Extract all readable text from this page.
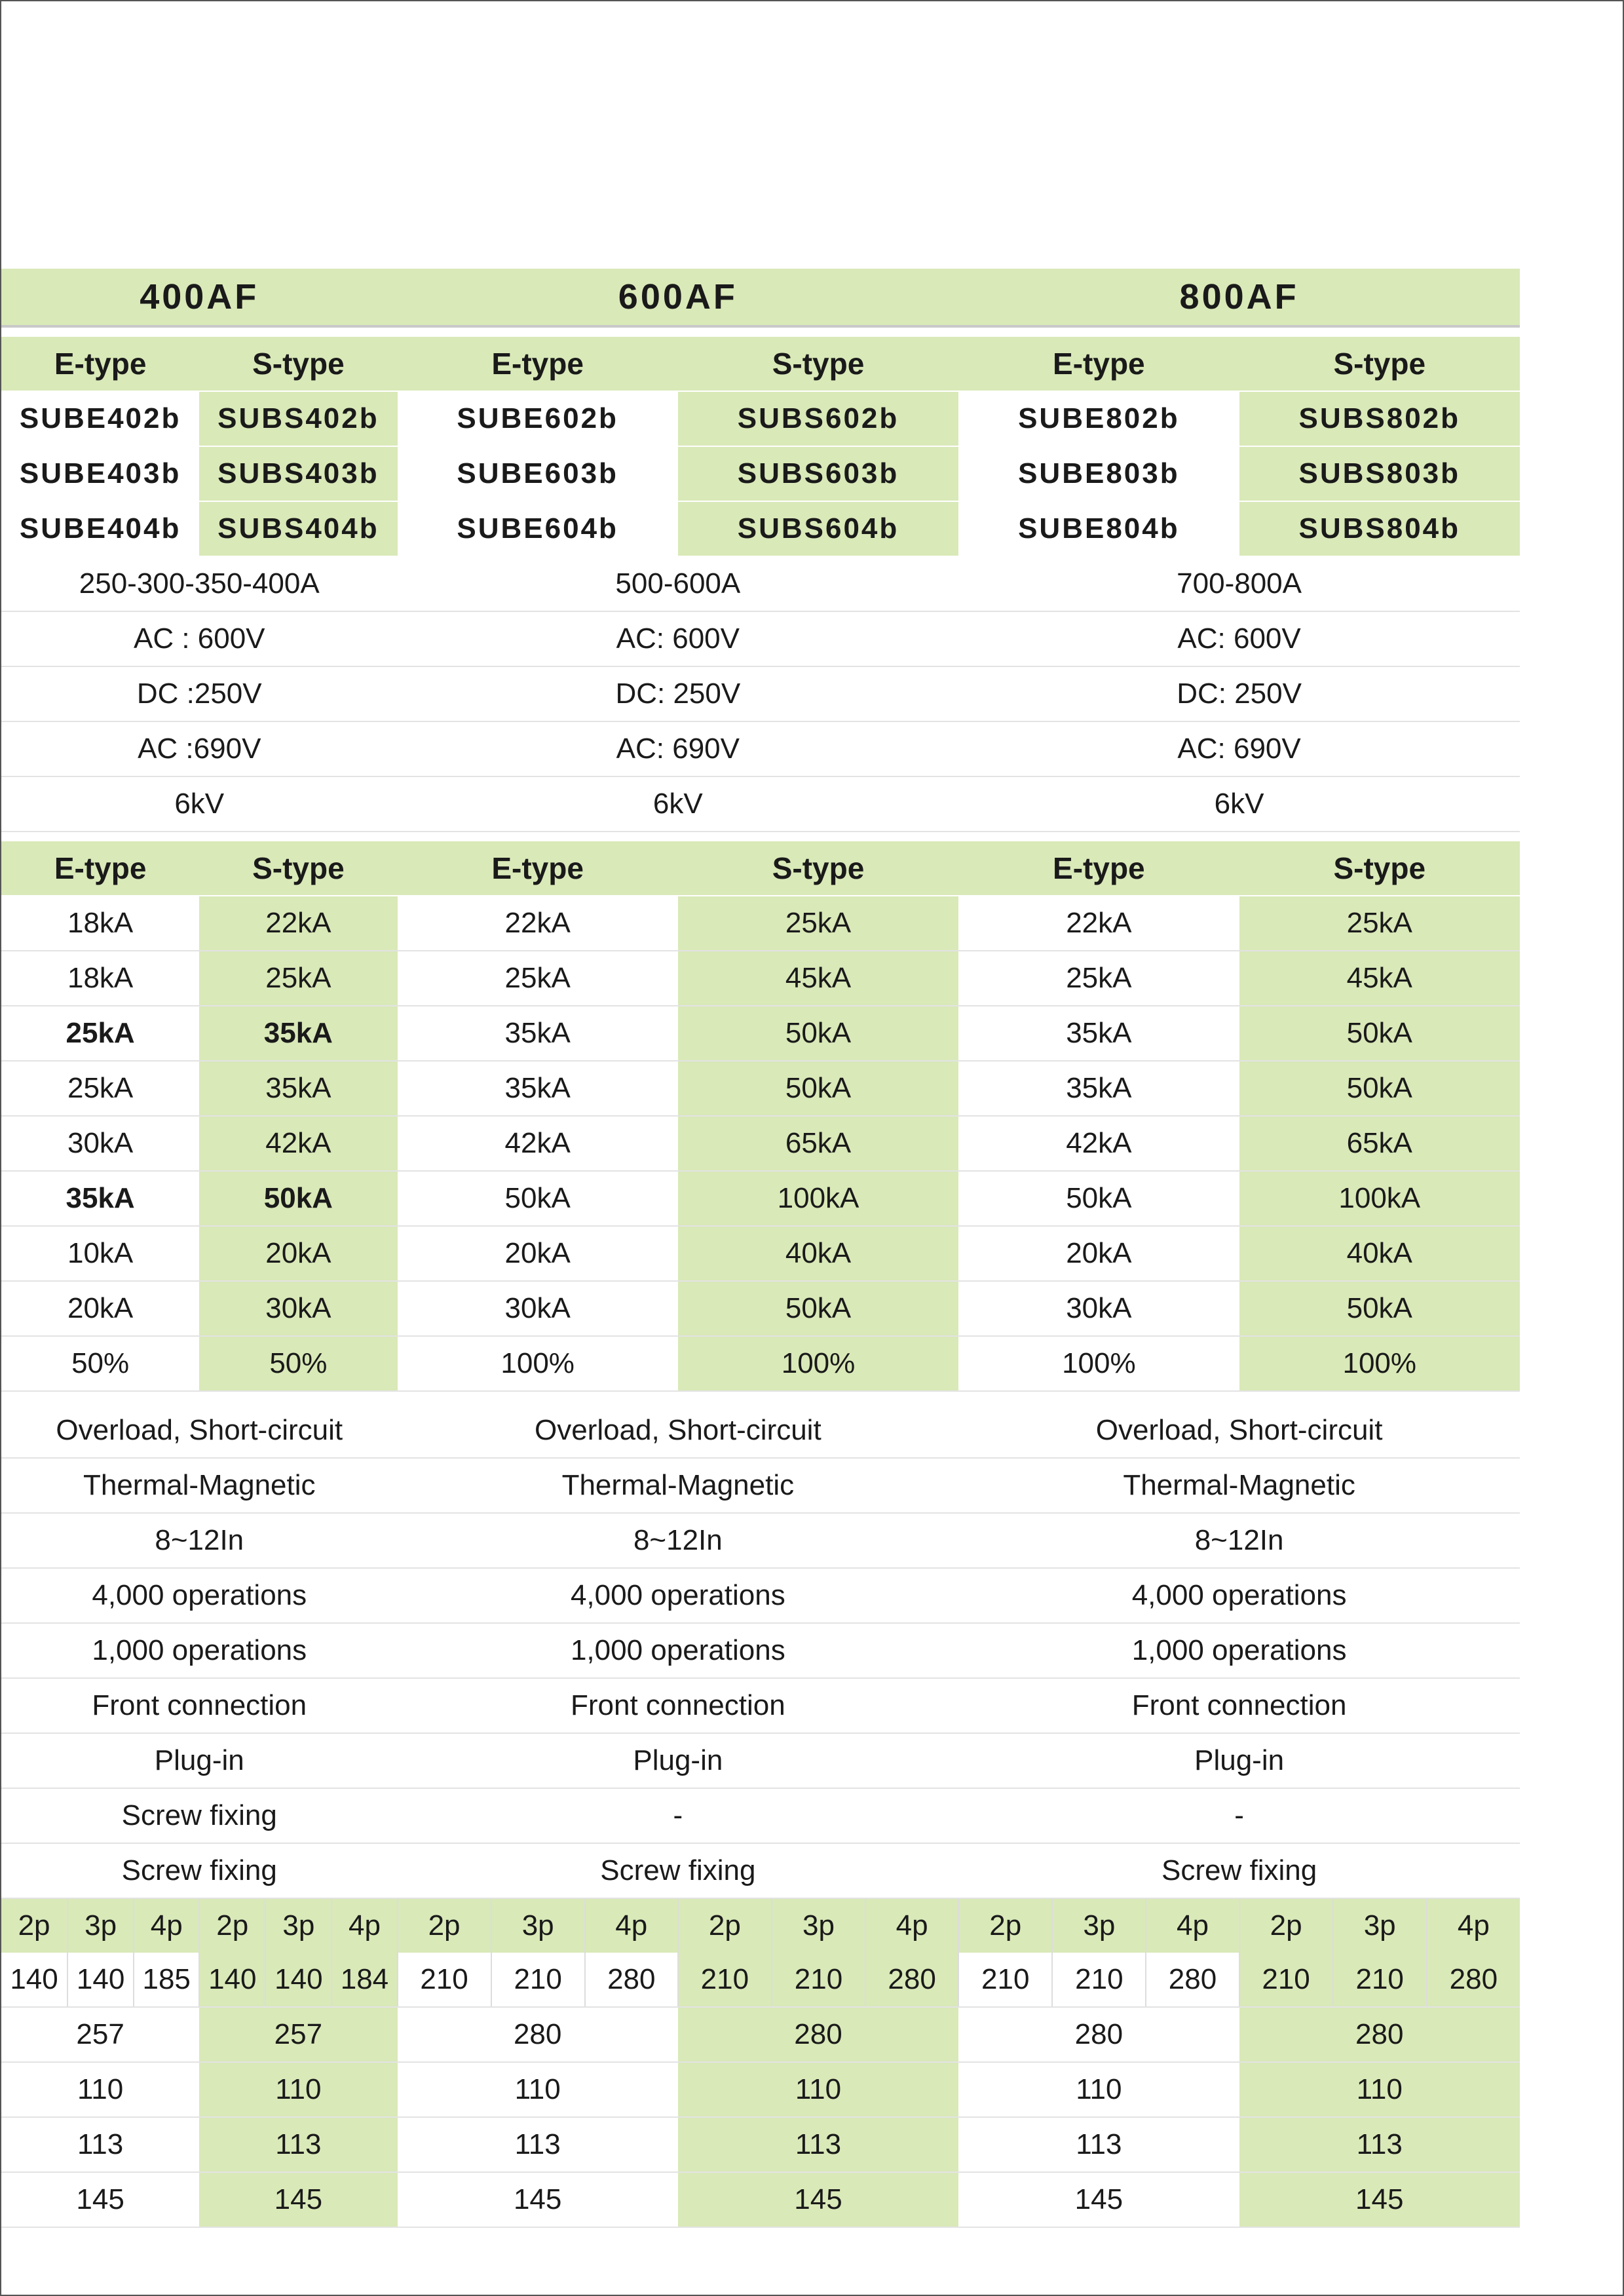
400AF						600AF						800AF					

E-type			S-type			E-type			S-type			E-type			S-type		
SUBE402b			SUBS402b			SUBE602b			SUBS602b			SUBE802b			SUBS802b		
SUBE403b			SUBS403b			SUBE603b			SUBS603b			SUBE803b			SUBS803b		
SUBE404b			SUBS404b			SUBE604b			SUBS604b			SUBE804b			SUBS804b		
250-300-350-400A						500-600A						700-800A					
AC : 600V						AC: 600V						AC: 600V					
DC :250V						DC: 250V						DC: 250V					
AC :690V						AC: 690V						AC: 690V					
6kV						6kV						6kV					

E-type			S-type			E-type			S-type			E-type			S-type		
18kA			22kA			22kA			25kA			22kA			25kA		
18kA			25kA			25kA			45kA			25kA			45kA		
25kA			35kA			35kA			50kA			35kA			50kA		
25kA			35kA			35kA			50kA			35kA			50kA		
30kA			42kA			42kA			65kA			42kA			65kA		
35kA			50kA			50kA			100kA			50kA			100kA		
10kA			20kA			20kA			40kA			20kA			40kA		
20kA			30kA			30kA			50kA			30kA			50kA		
50%			50%			100%			100%			100%			100%		

Overload, Short-circuit						Overload, Short-circuit						Overload, Short-circuit					
Thermal-Magnetic						Thermal-Magnetic						Thermal-Magnetic					
8~12In						8~12In						8~12In					
4,000 operations						4,000 operations						4,000 operations					
1,000 operations						1,000 operations						1,000 operations					
Front connection						Front connection						Front connection					
Plug-in						Plug-in						Plug-in					
Screw fixing						-						-					
Screw fixing						Screw fixing						Screw fixing					
2p	3p	4p	2p	3p	4p	2p	3p	4p	2p	3p	4p	2p	3p	4p	2p	3p	4p
140	140	185	140	140	184	210	210	280	210	210	280	210	210	280	210	210	280
257			257			280			280			280			280		
110			110			110			110			110			110		
113			113			113			113			113			113		
145			145			145			145			145			145		
